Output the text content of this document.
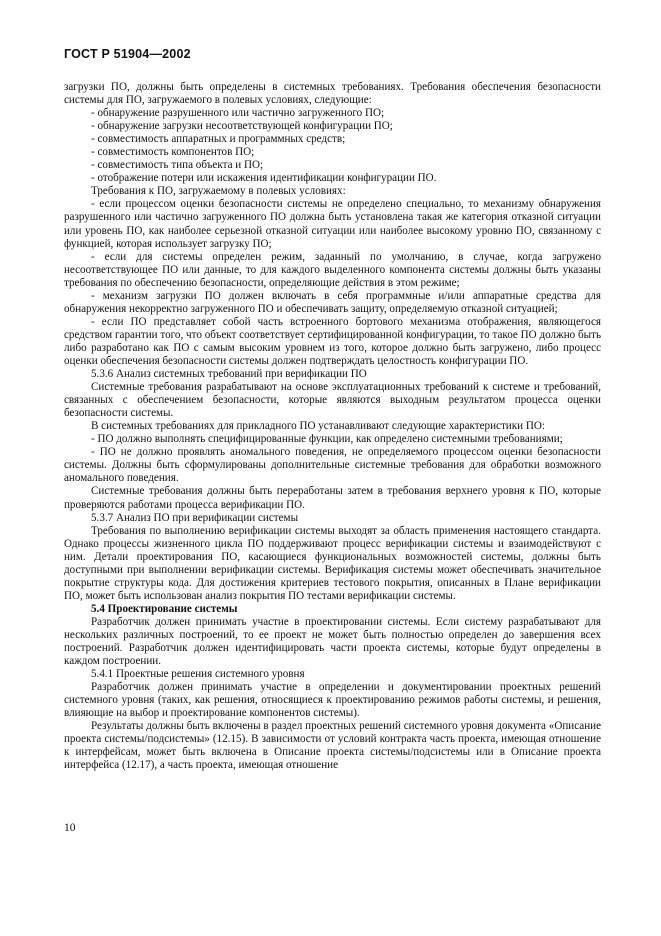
ГОСТ Р 51904—2002

загрузки ПО, должны быть определены в системных требованиях. Требования обеспечения безопасности системы для ПО, загружаемого в полевых условиях, следующие:

- обнаружение разрушенного или частично загруженного ПО;

- обнаружение загрузки несоответствующей конфигурации ПО;

- совместимость аппаратных и программных средств;

- совместимость компонентов ПО;

- совместимость типа объекта и ПО;

- отображение потери или искажения идентификации конфигурации ПО.

Требования к ПО, загружаемому в полевых условиях:

- если процессом оценки безопасности системы не определено специально, то механизму обнаружения разрушенного или частично загруженного ПО должна быть установлена такая же категория отказной ситуации или уровень ПО, как наиболее серьезной отказной ситуации или наиболее высокому уровню ПО, связанному с функцией, которая использует загрузку ПО;

- если для системы определен режим, заданный по умолчанию, в случае, когда загружено несоответствующее ПО или данные, то для каждого выделенного компонента системы должны быть указаны требования по обеспечению безопасности, определяющие действия в этом режиме;

- механизм загрузки ПО должен включать в себя программные и/или аппаратные средства для обнаружения некорректно загруженного ПО и обеспечивать защиту, определяемую отказной ситуацией;

- если ПО представляет собой часть встроенного бортового механизма отображения, являющегося средством гарантии того, что объект соответствует сертифицированной конфигурации, то такое ПО должно быть либо разработано как ПО с самым высоким уровнем из того, которое должно быть загружено, либо процесс оценки обеспечения безопасности системы должен подтверждать целостность конфигурации ПО.

5.3.6 Анализ системных требований при верификации ПО

Системные требования разрабатывают на основе эксплуатационных требований к системе и требований, связанных с обеспечением безопасности, которые являются выходным результатом процесса оценки безопасности системы.

В системных требованиях для прикладного ПО устанавливают следующие характеристики ПО:

- ПО должно выполнять специфицированные функции, как определено системными требованиями;

- ПО не должно проявлять аномального поведения, не определяемого процессом оценки безопасности системы. Должны быть сформулированы дополнительные системные требования для обработки возможного аномального поведения.

Системные требования должны быть переработаны затем в требования верхнего уровня к ПО, которые проверяются работами процесса верификации ПО.

5.3.7 Анализ ПО при верификации системы

Требования по выполнению верификации системы выходят за область применения настоящего стандарта. Однако процессы жизненного цикла ПО поддерживают процесс верификации системы и взаимодействуют с ним. Детали проектирования ПО, касающиеся функциональных возможностей системы, должны быть доступными при выполнении верификации системы. Верификация системы может обеспечивать значительное покрытие структуры кода. Для достижения критериев тестового покрытия, описанных в Плане верификации ПО, может быть использован анализ покрытия ПО тестами верификации системы.

5.4 Проектирование системы

Разработчик должен принимать участие в проектировании системы. Если систему разрабатывают для нескольких различных построений, то ее проект не может быть полностью определен до завершения всех построений. Разработчик должен идентифицировать части проекта системы, которые будут определены в каждом построении.

5.4.1 Проектные решения системного уровня

Разработчик должен принимать участие в определении и документировании проектных решений системного уровня (таких, как решения, относящиеся к проектированию режимов работы системы, и решения, влияющие на выбор и проектирование компонентов системы).

Результаты должны быть включены в раздел проектных решений системного уровня документа «Описание проекта системы/подсистемы» (12.15). В зависимости от условий контракта часть проекта, имеющая отношение к интерфейсам, может быть включена в Описание проекта системы/подсистемы или в Описание проекта интерфейса (12.17), а часть проекта, имеющая отношение

10
